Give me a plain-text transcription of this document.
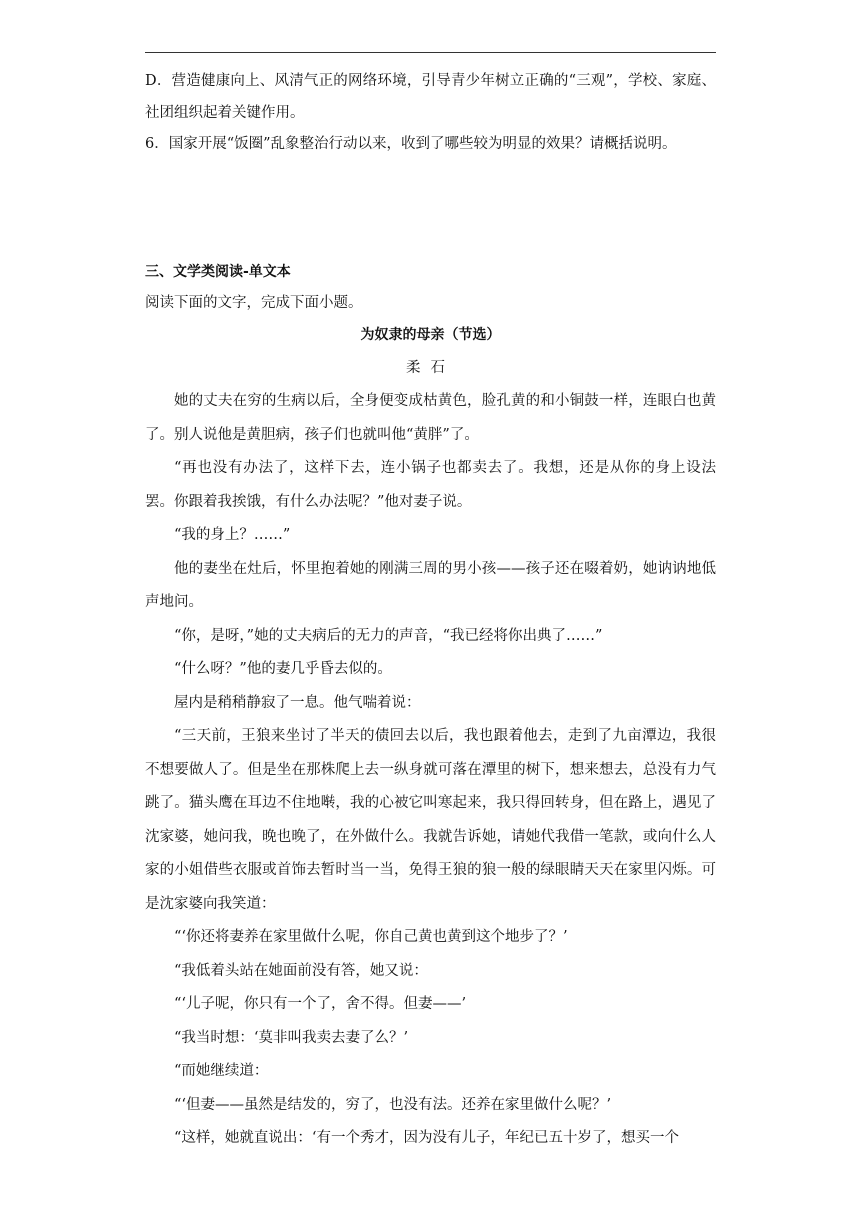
D．营造健康向上、风清气正的网络环境，引导青少年树立正确的“三观”，学校、家庭、社团组织起着关键作用。

6．国家开展“饭圈”乱象整治行动以来，收到了哪些较为明显的效果？请概括说明。

三、文学类阅读-单文本

阅读下面的文字，完成下面小题。

为奴隶的母亲（节选）

柔石

她的丈夫在穷的生病以后，全身便变成枯黄色，脸孔黄的和小铜鼓一样，连眼白也黄了。别人说他是黄胆病，孩子们也就叫他“黄胖”了。

“再也没有办法了，这样下去，连小锅子也都卖去了。我想，还是从你的身上设法罢。你跟着我挨饿，有什么办法呢？”他对妻子说。

“我的身上？……”

他的妻坐在灶后，怀里抱着她的刚满三周的男小孩——孩子还在啜着奶，她讷讷地低声地问。

“你，是呀，”她的丈夫病后的无力的声音，“我已经将你出典了……”

“什么呀？”他的妻几乎昏去似的。

屋内是稍稍静寂了一息。他气喘着说：

“三天前，王狼来坐讨了半天的债回去以后，我也跟着他去，走到了九亩潭边，我很不想要做人了。但是坐在那株爬上去一纵身就可落在潭里的树下，想来想去，总没有力气跳了。猫头鹰在耳边不住地啭，我的心被它叫寒起来，我只得回转身，但在路上，遇见了沈家婆，她问我，晚也晚了，在外做什么。我就告诉她，请她代我借一笔款，或向什么人家的小姐借些衣服或首饰去暂时当一当，免得王狼的狼一般的绿眼睛天天在家里闪烁。可是沈家婆向我笑道：

“‘你还将妻养在家里做什么呢，你自己黄也黄到这个地步了？’

“我低着头站在她面前没有答，她又说：

“‘儿子呢，你只有一个了，舍不得。但妻——’

“我当时想：‘莫非叫我卖去妻了么？’

“而她继续道：

“‘但妻——虽然是结发的，穷了，也没有法。还养在家里做什么呢？’

“这样，她就直说出：‘有一个秀才，因为没有儿子，年纪已五十岁了，想买一个
